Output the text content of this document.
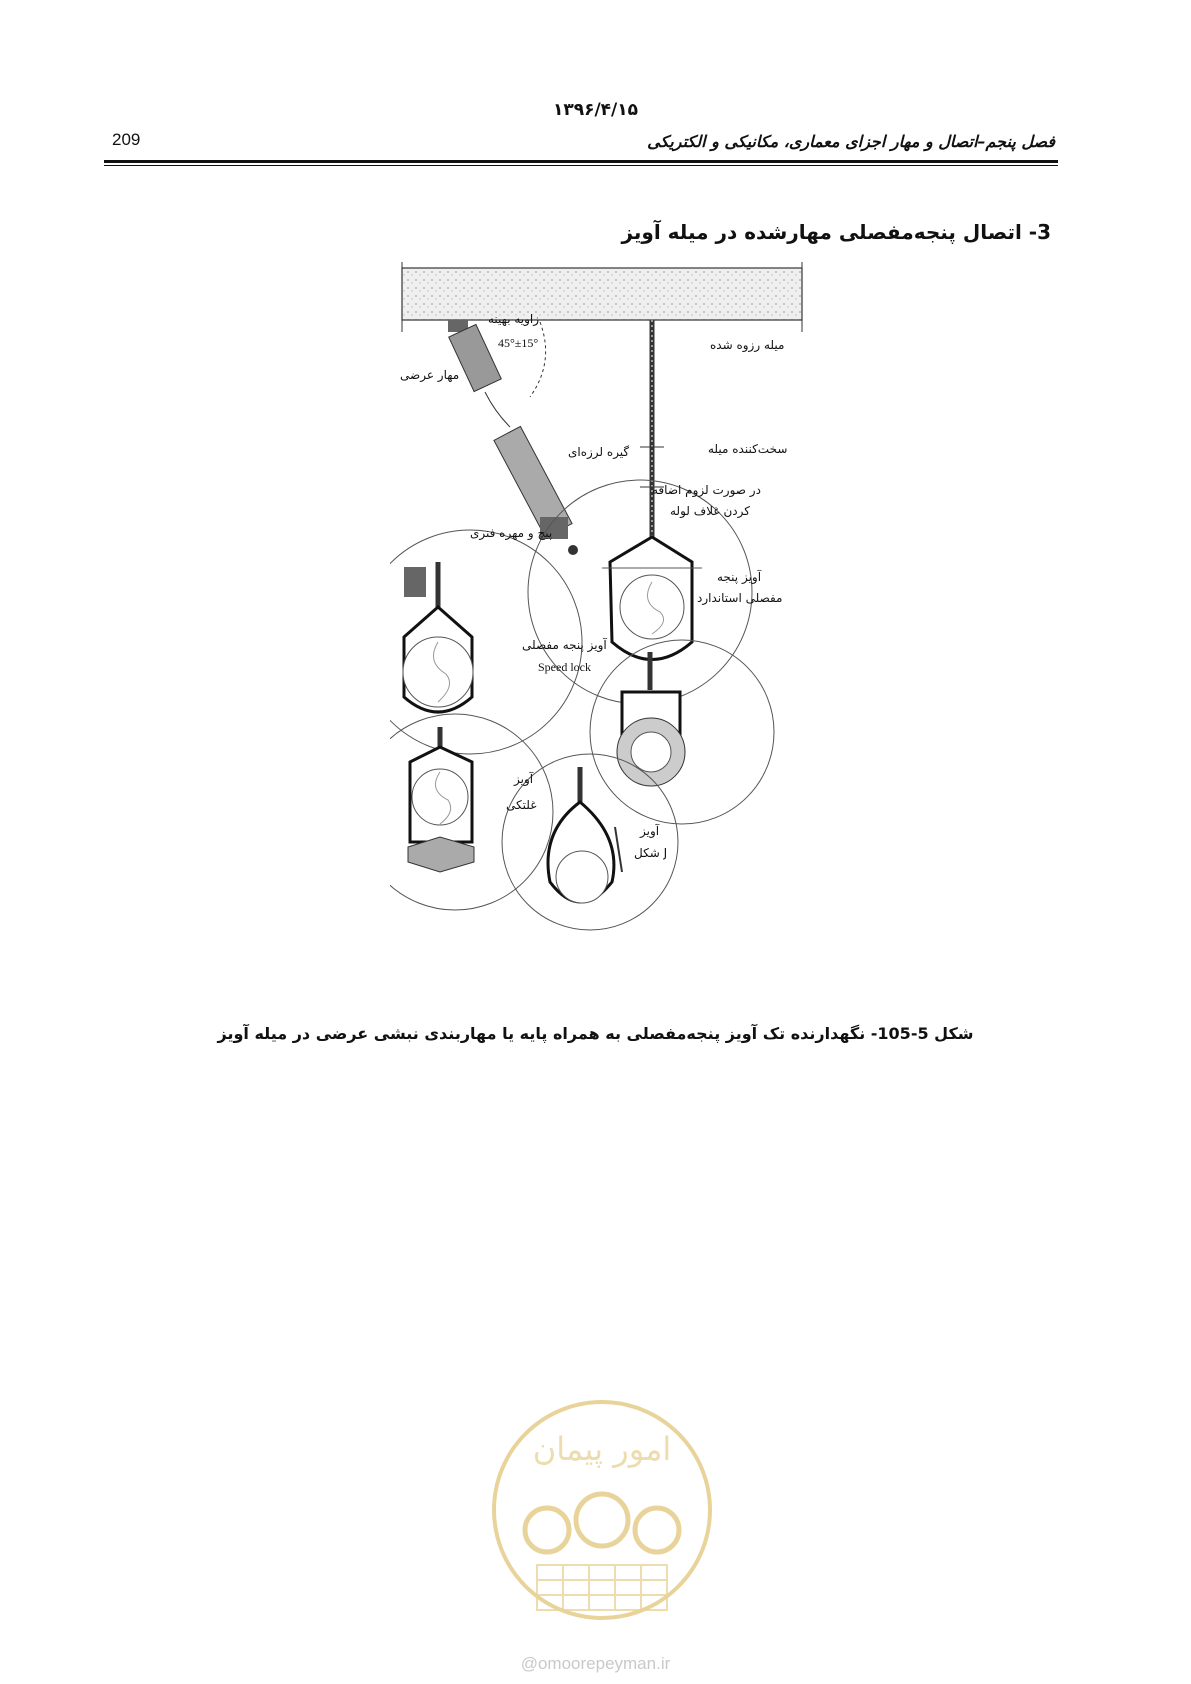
۱۳۹۶/۴/۱۵
209	فصل پنجم–اتصال و مهار اجزای معماری، مکانیکی و الکتریکی
3- اتصال پنجه‌مفصلی مهارشده در میله آویز
زاویه بهینه
45°±15°	میله رزوه شده
مهار عرضی
سخت‌کننده میله
گیره لرزه‌ای
در صورت لزوم اضافه
کردن غلاف لوله
پیچ و مهره فنری
آویز پنجه
مفصلی استاندارد
آویز پنجه مفصلی
Speed lock
آویز
غلتکی
آویز
J شکل
شکل 5-105- نگهدارنده تک آویز پنجه‌مفصلی به همراه پایه یا مهاربندی نبشی عرضی در میله آویز
امور پیمان
@omoorepeyman.ir
